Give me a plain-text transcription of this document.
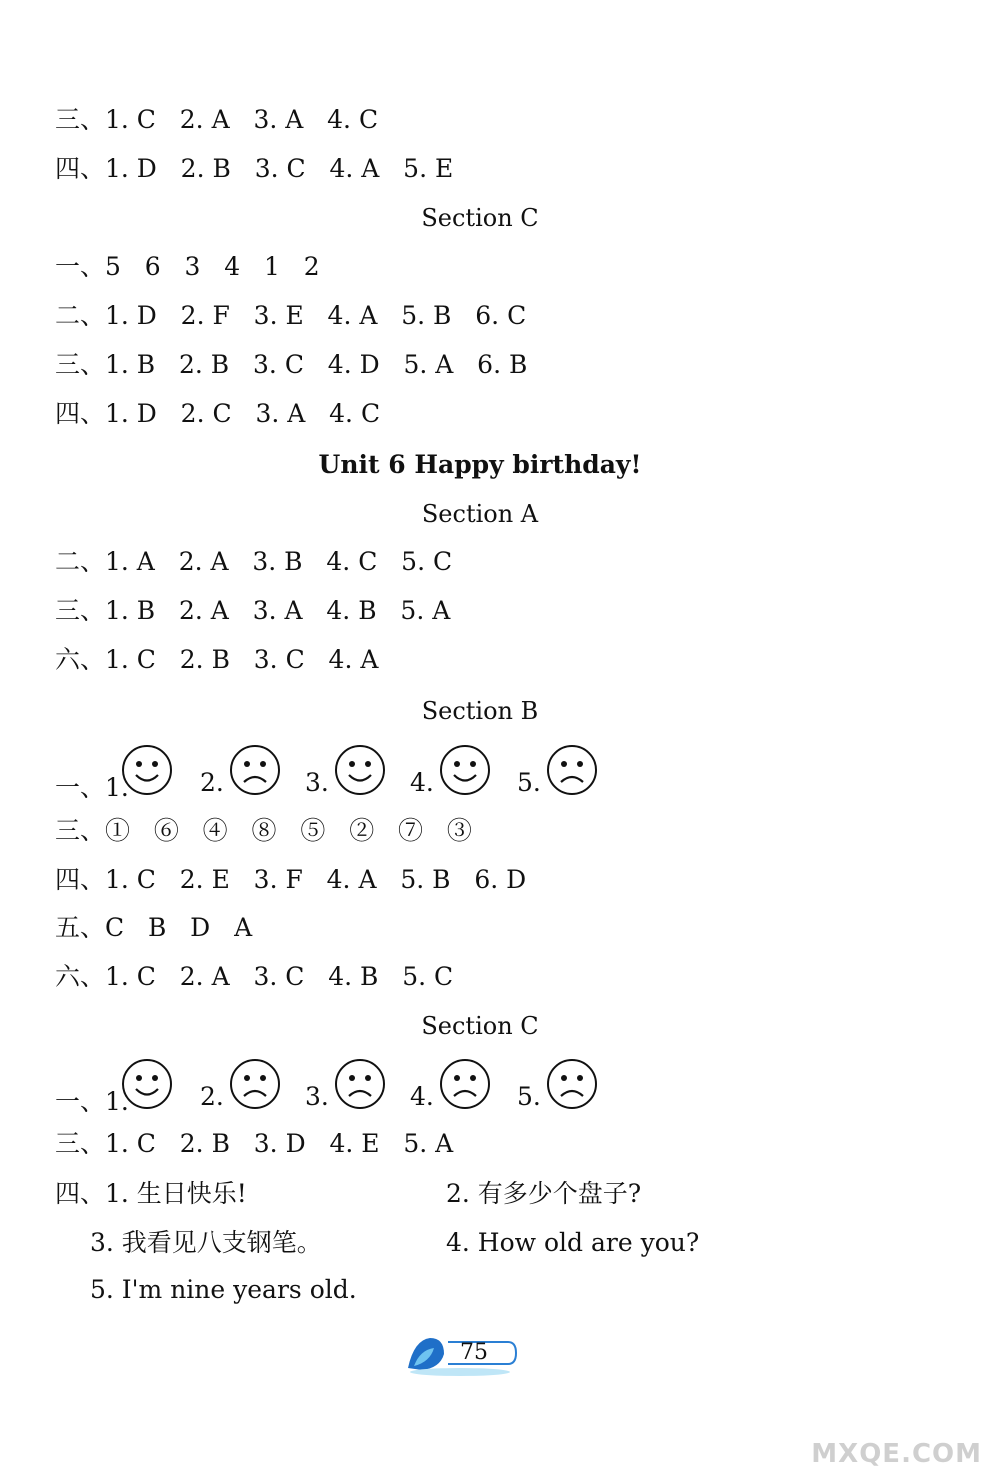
三、1. C   2. A   3. A   4. C
四、1. D   2. B   3. C   4. A   5. E
Section C
一、5   6   3   4   1   2
二、1. D   2. F   3. E   4. A   5. B   6. C
三、1. B   2. B   3. C   4. D   5. A   6. B
四、1. D   2. C   3. A   4. C
Unit 6 Happy birthday!
Section A
二、1. A   2. A   3. B   4. C   5. C
三、1. B   2. A   3. A   4. B   5. A
六、1. C   2. B   3. C   4. A
Section B
一、1.	2.	3.	4.	5.
三、①   ⑥   ④   ⑧   ⑤   ②   ⑦   ③
四、1. C   2. E   3. F   4. A   5. B   6. D
五、C   B   D   A
六、1. C   2. A   3. C   4. B   5. C
Section C
一、1.	2.	3.	4.	5.
三、1. C   2. B   3. D   4. E   5. A
四、1. 生日快乐!	2. 有多少个盘子?
3. 我看见八支钢笔。	4. How old are you?
5. I'm nine years old.
75
MXQE.COM
